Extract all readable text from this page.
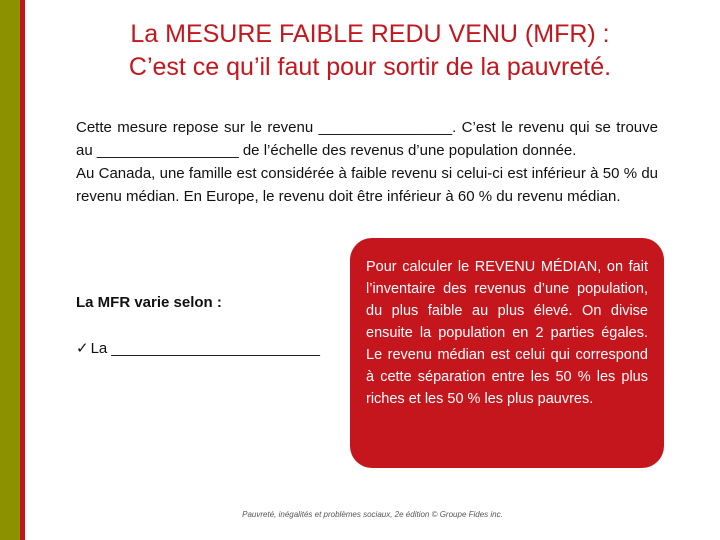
La MESURE FAIBLE REDU VENU (MFR) :
C’est ce qu’il faut pour sortir de la pauvreté.

Cette mesure repose sur le revenu ________________. C’est le revenu qui se trouve au _________________ de l’échelle des revenus d’une population donnée.

Au Canada, une famille est considérée à faible revenu si celui-ci est inférieur à 50 % du revenu médian. En Europe, le revenu doit être inférieur à 60 % du revenu médian.

La MFR varie selon :
✓ La _________________________
Pour calculer le REVENU MÉDIAN, on fait l’inventaire des revenus d’une population, du plus faible au plus élevé. On divise ensuite la population en 2 parties égales. Le revenu médian est celui qui correspond à cette séparation entre les 50 % les plus riches et les 50 % les plus pauvres.
Pauvreté, inégalités et problèmes sociaux, 2e édition © Groupe Fides inc.
